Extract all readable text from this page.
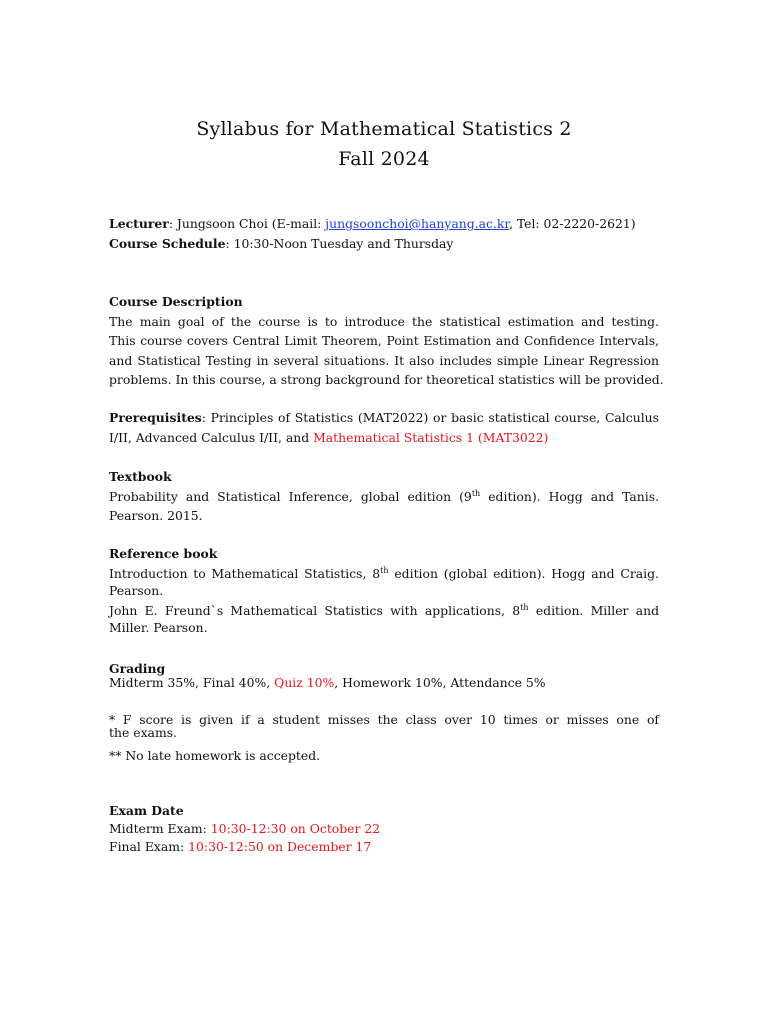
Syllabus for Mathematical Statistics 2
Fall 2024
Lecturer: Jungsoon Choi (E-mail: jungsoonchoi@hanyang.ac.kr, Tel: 02-2220-2621)
Course Schedule: 10:30-Noon Tuesday and Thursday
Course Description
The main goal of the course is to introduce the statistical estimation and testing.
This course covers Central Limit Theorem, Point Estimation and Confidence Intervals,
and Statistical Testing in several situations. It also includes simple Linear Regression
problems. In this course, a strong background for theoretical statistics will be provided.
Prerequisites: Principles of Statistics (MAT2022) or basic statistical course, Calculus
I/II, Advanced Calculus I/II, and Mathematical Statistics 1 (MAT3022)
Textbook
Probability and Statistical Inference, global edition (9th edition). Hogg and Tanis.
Pearson. 2015.
Reference book
Introduction to Mathematical Statistics, 8th edition (global edition). Hogg and Craig.
Pearson.
John E. Freund`s Mathematical Statistics with applications, 8th edition. Miller and
Miller. Pearson.
Grading
Midterm 35%, Final 40%, Quiz 10%, Homework 10%, Attendance 5%
* F score is given if a student misses the class over 10 times or misses one of
the exams.
** No late homework is accepted.
Exam Date
Midterm Exam: 10:30-12:30 on October 22
Final Exam: 10:30-12:50 on December 17
